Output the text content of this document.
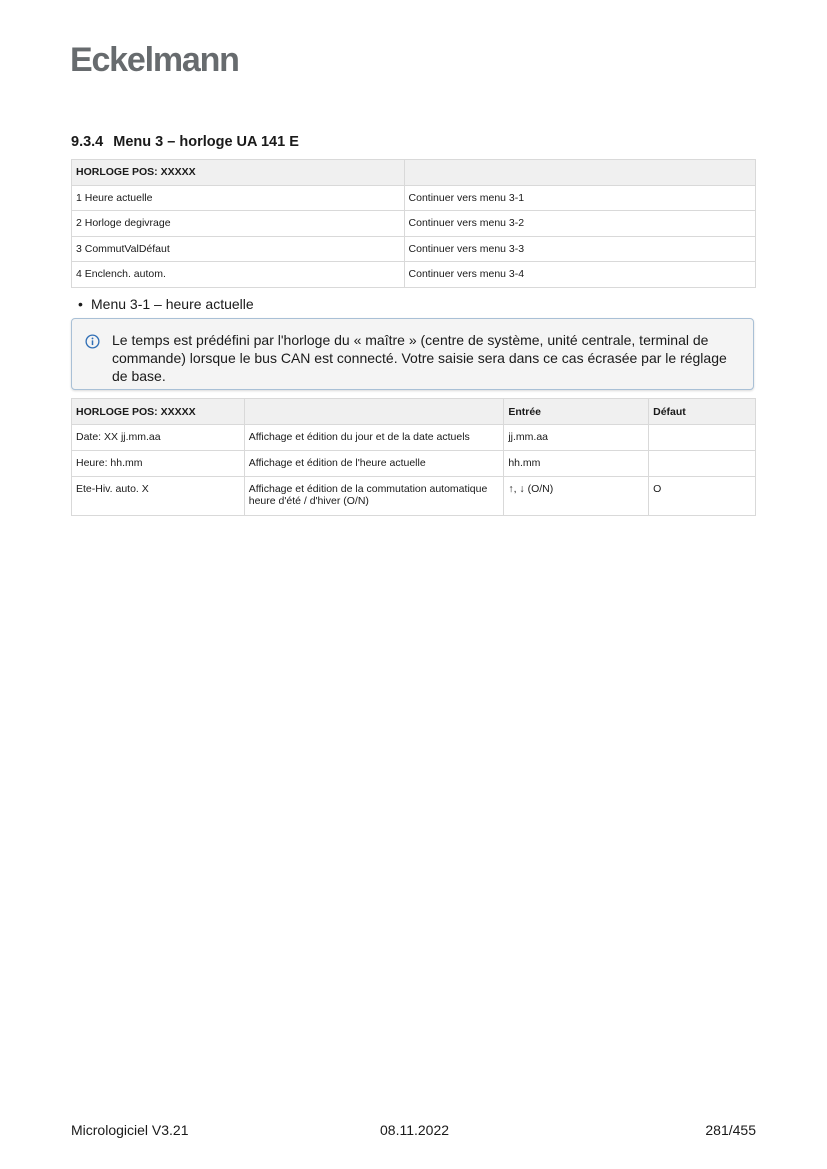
Eckelmann
9.3.4 Menu 3 – horloge UA 141 E
HORLOGE POS: XXXXX	
1 Heure actuelle	Continuer vers menu 3-1
2 Horloge degivrage	Continuer vers menu 3-2
3 CommutValDéfaut	Continuer vers menu 3-3
4 Enclench. autom.	Continuer vers menu 3-4
• Menu 3-1 – heure actuelle
Le temps est prédéfini par l'horloge du « maître » (centre de système, unité centrale, terminal de commande) lorsque le bus CAN est connecté. Votre saisie sera dans ce cas écrasée par le réglage de base.
HORLOGE POS: XXXXX		Entrée	Défaut
Date: XX jj.mm.aa	Affichage et édition du jour et de la date actuels	jj.mm.aa	
Heure: hh.mm	Affichage et édition de l'heure actuelle	hh.mm	
Ete-Hiv. auto. X	Affichage et édition de la commutation automatique heure d'été / d'hiver (O/N)	↑, ↓ (O/N)	O
Micrologiciel V3.21	08.11.2022	281/455
